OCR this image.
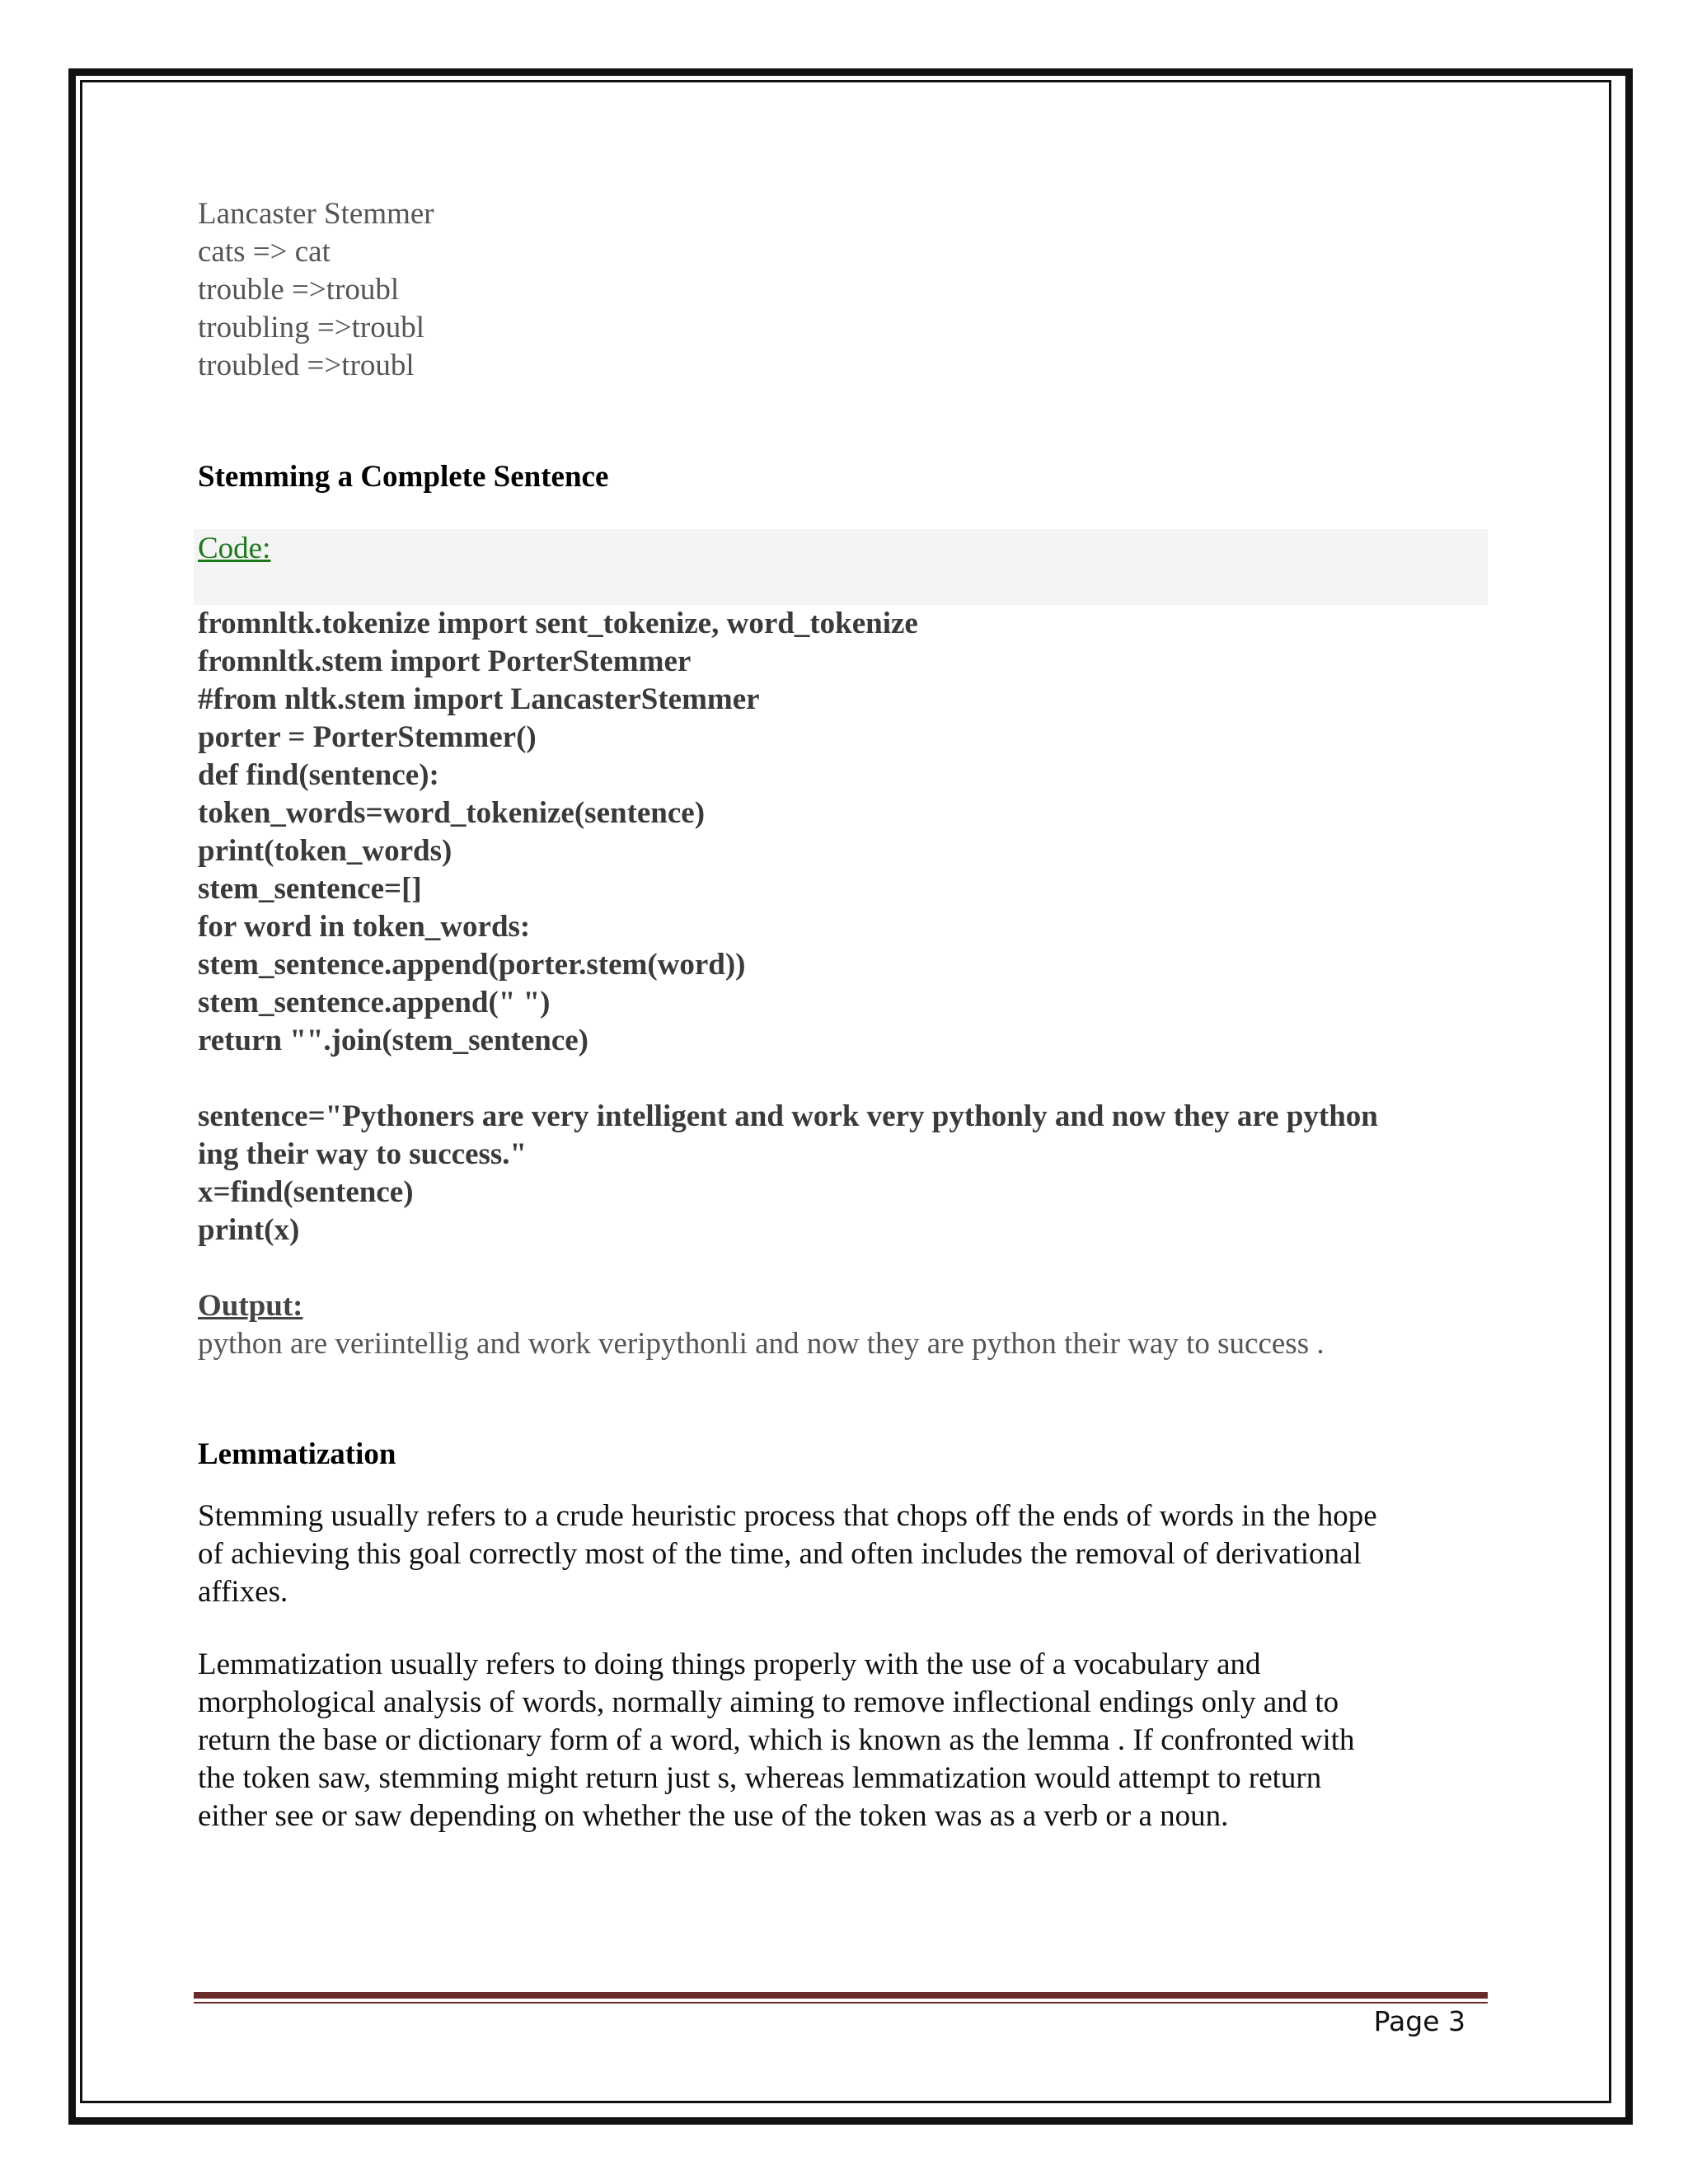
Lancaster Stemmer
cats => cat
trouble =>troubl
troubling =>troubl
troubled =>troubl
Stemming a Complete Sentence
Code:
fromnltk.tokenize import sent_tokenize, word_tokenize
fromnltk.stem import PorterStemmer
#from nltk.stem import LancasterStemmer
porter = PorterStemmer()
def find(sentence):
token_words=word_tokenize(sentence)
print(token_words)
stem_sentence=[]
for word in token_words:
stem_sentence.append(porter.stem(word))
stem_sentence.append(" ")
return "".join(stem_sentence)
sentence="Pythoners are very intelligent and work very pythonly and now they are python
ing their way to success."
x=find(sentence)
print(x)
Output:
python are veriintellig and work veripythonli and now they are python their way to success .
Lemmatization
Stemming usually refers to a crude heuristic process that chops off the ends of words in the hope
of achieving this goal correctly most of the time, and often includes the removal of derivational
affixes.
Lemmatization usually refers to doing things properly with the use of a vocabulary and
morphological analysis of words, normally aiming to remove inflectional endings only and to
return the base or dictionary form of a word, which is known as the lemma . If confronted with
the token saw, stemming might return just s, whereas lemmatization would attempt to return
either see or saw depending on whether the use of the token was as a verb or a noun.
Page 3
